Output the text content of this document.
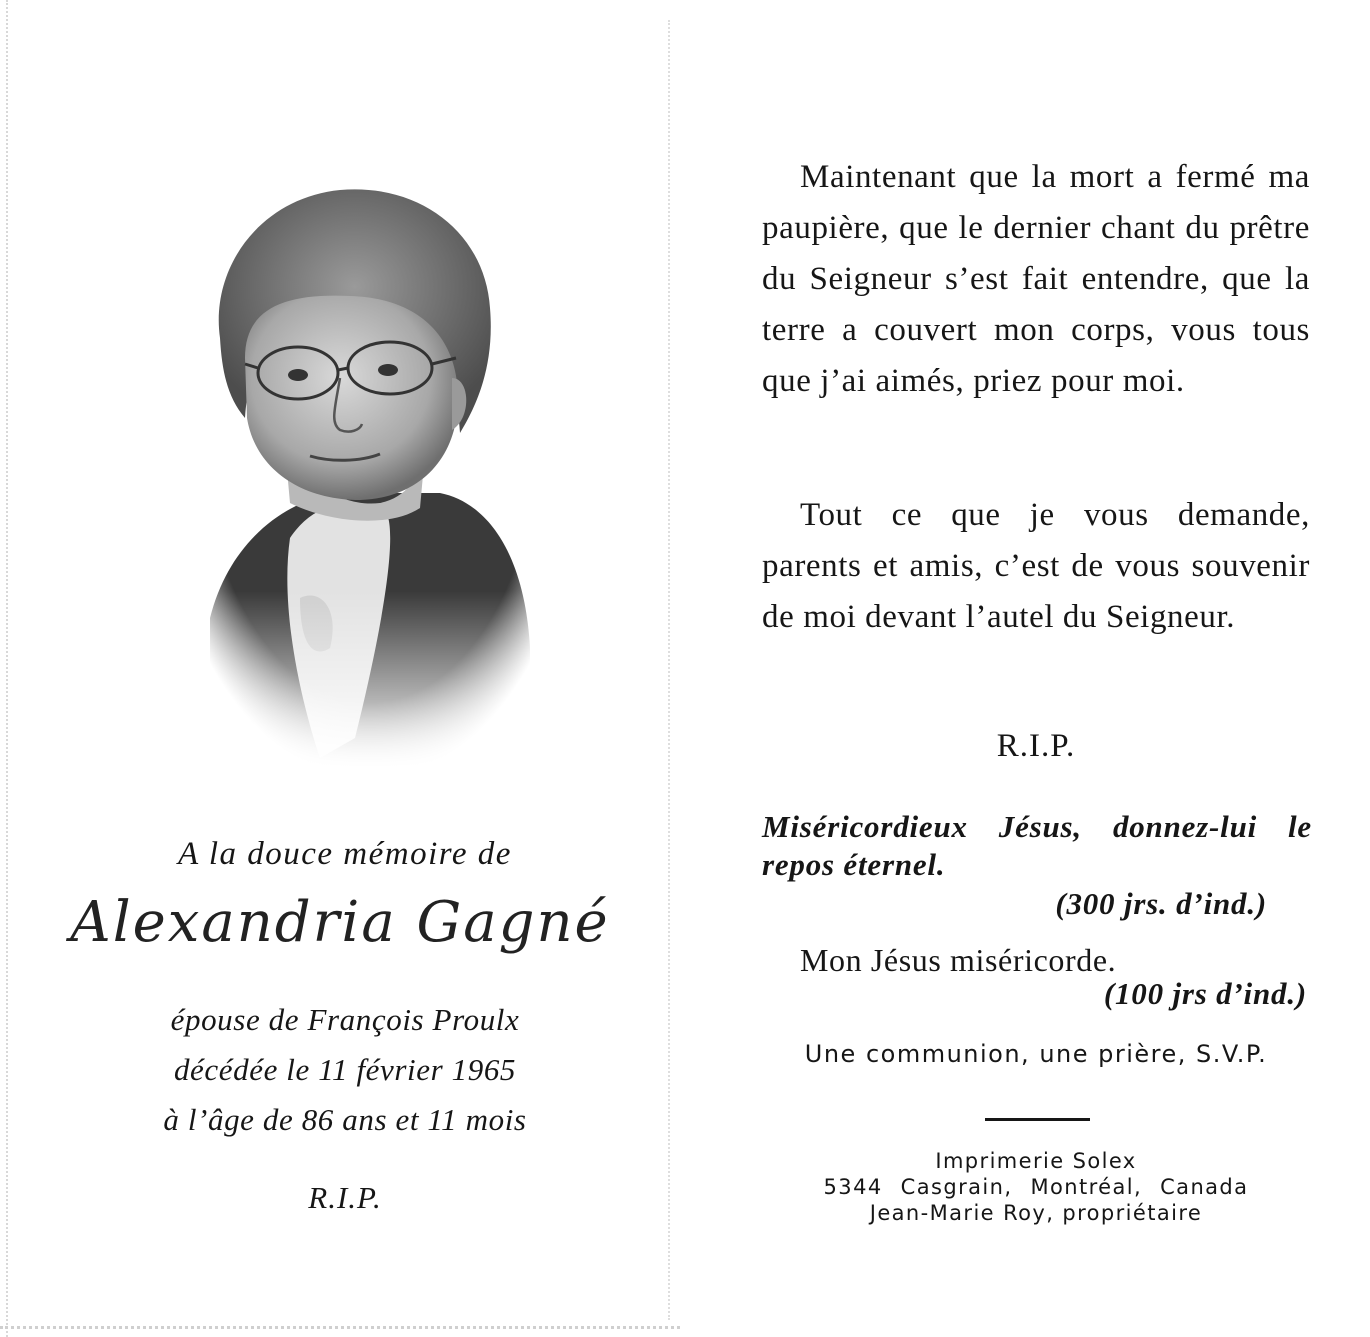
A la douce mémoire de
Alexandria Gagné
épouse de François Proulx
décédée le 11 février 1965
à l’âge de 86 ans et 11 mois
R.I.P.

Maintenant que la mort a fermé ma paupière, que le dernier chant du prêtre du Seigneur s’est fait entendre, que la terre a couvert mon corps, vous tous que j’ai aimés, priez pour moi.

Tout ce que je vous demande, parents et amis, c’est de vous souvenir de moi devant l’autel du Seigneur.

R.I.P.
Miséricordieux Jésus, donnez-lui le repos éternel.
(300 jrs. d’ind.)
Mon Jésus miséricorde.
(100 jrs d’ind.)
Une communion, une prière, S.V.P.
Imprimerie Solex
5344 Casgrain, Montréal, Canada
Jean-Marie Roy, propriétaire
